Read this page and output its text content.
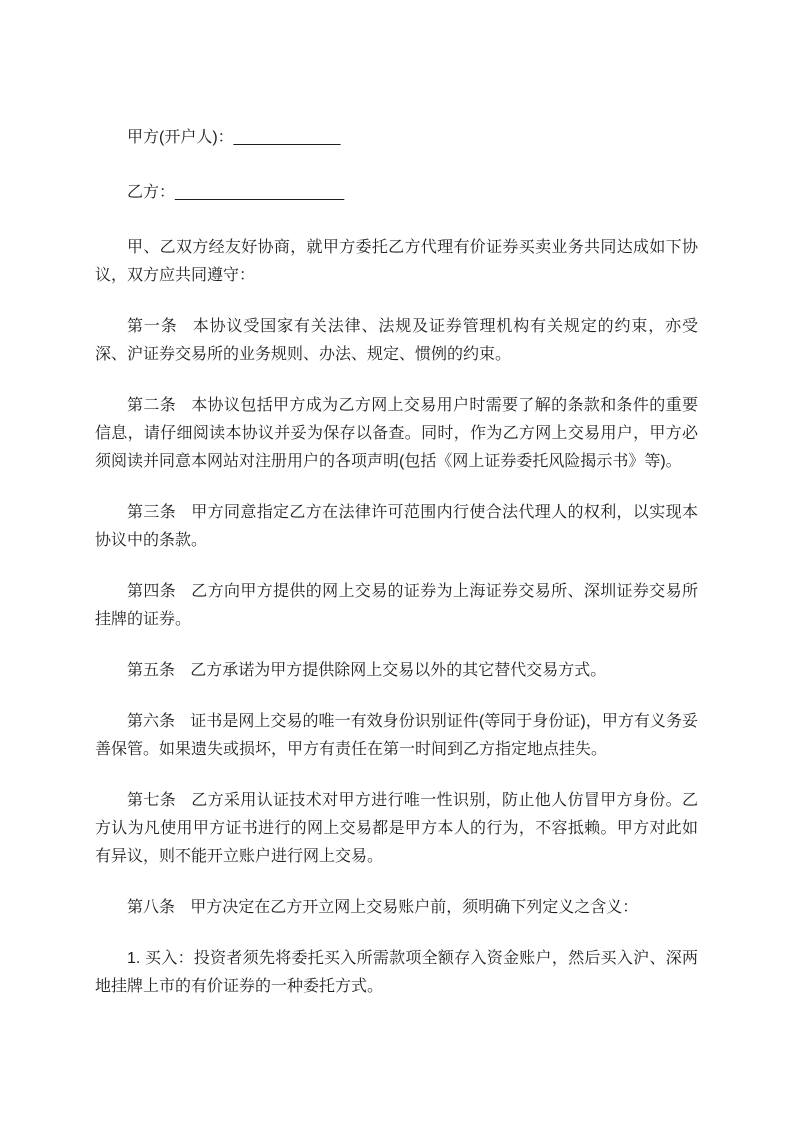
甲方(开户人)：____________

乙方：___________________

甲、乙双方经友好协商，就甲方委托乙方代理有价证券买卖业务共同达成如下协议，双方应共同遵守：

第一条 本协议受国家有关法律、法规及证券管理机构有关规定的约束，亦受深、沪证券交易所的业务规则、办法、规定、惯例的约束。

第二条 本协议包括甲方成为乙方网上交易用户时需要了解的条款和条件的重要信息，请仔细阅读本协议并妥为保存以备查。同时，作为乙方网上交易用户，甲方必须阅读并同意本网站对注册用户的各项声明(包括《网上证券委托风险揭示书》等)。

第三条 甲方同意指定乙方在法律许可范围内行使合法代理人的权利，以实现本协议中的条款。

第四条 乙方向甲方提供的网上交易的证券为上海证券交易所、深圳证券交易所挂牌的证券。

第五条 乙方承诺为甲方提供除网上交易以外的其它替代交易方式。

第六条 证书是网上交易的唯一有效身份识别证件(等同于身份证)，甲方有义务妥善保管。如果遗失或损坏，甲方有责任在第一时间到乙方指定地点挂失。

第七条 乙方采用认证技术对甲方进行唯一性识别，防止他人仿冒甲方身份。乙方认为凡使用甲方证书进行的网上交易都是甲方本人的行为，不容抵赖。甲方对此如有异议，则不能开立账户进行网上交易。

第八条 甲方决定在乙方开立网上交易账户前，须明确下列定义之含义：

1. 买入：投资者须先将委托买入所需款项全额存入资金账户，然后买入沪、深两地挂牌上市的有价证券的一种委托方式。
